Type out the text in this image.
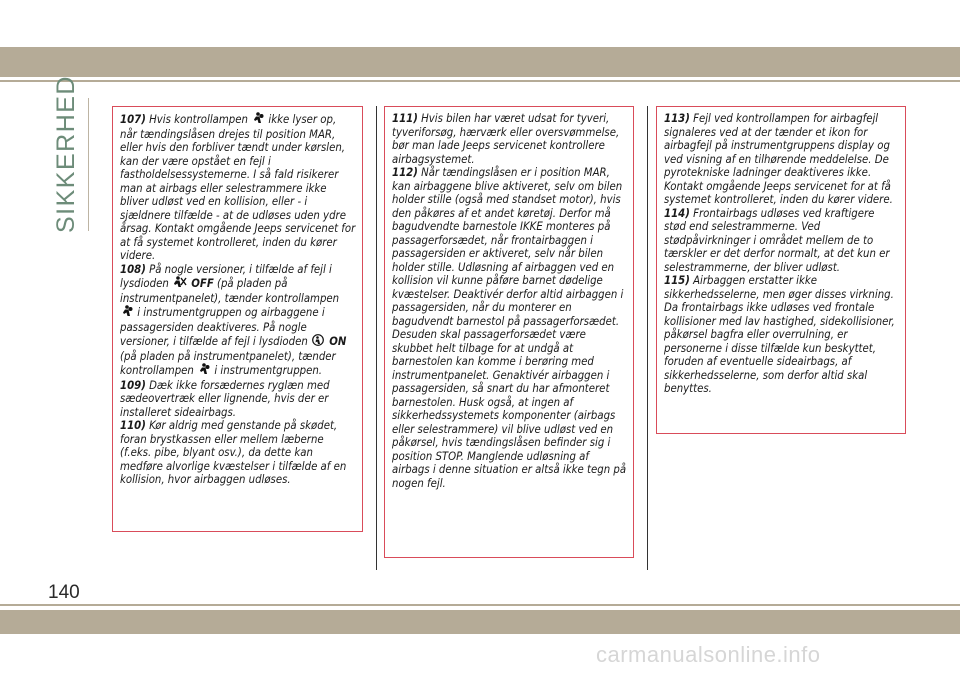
SIKKERHED	107) Hvis kontrollampen ikke lyser op, når tændingslåsen drejes til position MAR, eller hvis den forbliver tændt under kørslen, kan der være opstået en fejl i fastholdelsessystemerne. I så fald risikerer man at airbags eller selestrammere ikke bliver udløst ved en kollision, eller - i sjældnere tilfælde - at de udløses uden ydre årsag. Kontakt omgående Jeeps servicenet for at få systemet kontrolleret, inden du kører videre.

108) På nogle versioner, i tilfælde af fejl i lysdioden OFF (på pladen på instrumentpanelet), tænder kontrollampen  i instrumentgruppen og airbaggene i passagersiden deaktiveres. På nogle versioner, i tilfælde af fejl i lysdioden ON (på pladen på instrumentpanelet), tænder kontrollampen i instrumentgruppen.

109) Dæk ikke forsædernes ryglæn med sædeovertræk eller lignende, hvis der er installeret sideairbags.

110) Kør aldrig med genstande på skødet, foran brystkassen eller mellem læberne (f.eks. pibe, blyant osv.), da dette kan medføre alvorlige kvæstelser i tilfælde af en kollision, hvor airbaggen udløses.

111) Hvis bilen har været udsat for tyveri, tyveriforsøg, hærværk eller oversvømmelse, bør man lade Jeeps servicenet kontrollere airbagsystemet.

112) Når tændingslåsen er i position MAR, kan airbaggene blive aktiveret, selv om bilen holder stille (også med standset motor), hvis den påkøres af et andet køretøj. Derfor må bagudvendte barnestole IKKE monteres på passagerforsædet, når frontairbaggen i passagersiden er aktiveret, selv når bilen holder stille. Udløsning af airbaggen ved en kollision vil kunne påføre barnet dødelige kvæstelser. Deaktivér derfor altid airbaggen i passagersiden, når du monterer en bagudvendt barnestol på passagerforsædet. Desuden skal passagerforsædet være skubbet helt tilbage for at undgå at barnestolen kan komme i berøring med instrumentpanelet. Genaktivér airbaggen i passagersiden, så snart du har afmonteret barnestolen. Husk også, at ingen af sikkerhedssystemets komponenter (airbags eller selestrammere) vil blive udløst ved en påkørsel, hvis tændingslåsen befinder sig i position STOP. Manglende udløsning af airbags i denne situation er altså ikke tegn på nogen fejl.

113) Fejl ved kontrollampen for airbagfejl signaleres ved at der tænder et ikon for airbagfejl på instrumentgruppens display og ved visning af en tilhørende meddelelse. De pyrotekniske ladninger deaktiveres ikke. Kontakt omgående Jeeps servicenet for at få systemet kontrolleret, inden du kører videre.

114) Frontairbags udløses ved kraftigere stød end selestrammerne. Ved stødpåvirkninger i området mellem de to tærskler er det derfor normalt, at det kun er selestrammerne, der bliver udløst.

115) Airbaggen erstatter ikke sikkerhedsselerne, men øger disses virkning. Da frontairbags ikke udløses ved frontale kollisioner med lav hastighed, sidekollisioner, påkørsel bagfra eller overrulning, er personerne i disse tilfælde kun beskyttet, foruden af eventuelle sideairbags, af sikkerhedsselerne, som derfor altid skal benyttes.

140
carmanualsonline.info
